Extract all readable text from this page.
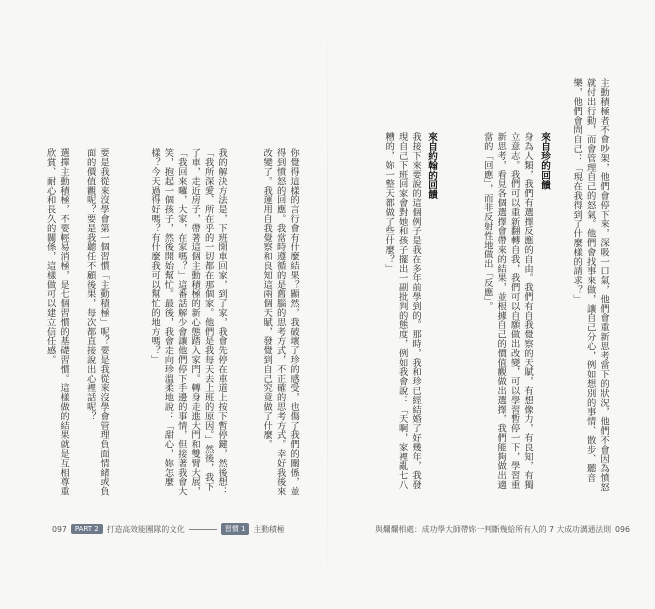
主動積極者不會吵架，他們會停下來，深吸一口氣，他們會重新思考當下的狀況，他們不會因為憤怒就付出行動，而會管理自己的怒氣。他們會找事來做，讓自己分心，例如想別的事情、散步、聽音樂，他們會問自己：「現在我得到了什麼樣的請求？」
來自珍的回饋
身為人類，我們有選擇反應的自由。我們有自我覺察的天賦，有想像力，有良知，有獨立意志。我們可以重新翻轉自我，我們可以自願做出改變，可以學習暫停一下，學習重新思考，看見各個選擇會帶來的結果，並根據自己的價值觀做出選擇，我們能夠做出適當的「回應」，而非反射性地做出「反應」。
來自約翰的回饋
我接下來要說的這個例子是我在多年前學到的。那時，我和珍已經結婚了好幾年，我發現自己下班回家會對她和孩子擺出一副批判的態度，例如我會說：「天啊，家裡亂七八糟的，妳一整天都做了些什麼？」
與爛爛相處：成功學大師帶妳一判斷幾給所有人的 7 大成功溝通法則 096
你覺得這樣的言行會有什麼結果？顯然，我破壞了珍的感受，也傷了我們的關係，並得到憤怒的回應。我當時遵循的是舊腦的思考方式，不正確的思考方式。幸好我後來改變了。我運用自我覺察和良知這兩個天賦，發覺到自己究竟做了什麼。
我的解決方法是，下班開車回家，到了家，我會先停在車道上按下暫停鍵，然後想：「我所深愛、所在乎的一切都在那個家。他們是我每天去上班的原因。」然後，我下了車，走近房子，帶著這個主動積極的新心態踏入家門。轉身走進大門和雙臂大展，「我回來囉，大家，在家嗎？」這番話解少會讓他們停下手邊的事情，但接著我會大笑，抱起一個孩子，然後開始幫忙。最後，我會走向珍溫柔地說：「甜心，妳怎麼樣？今天過得好嗎？有什麼我可以幫忙的地方嗎？」
要是我從來沒學會第一個習慣「主動積極」呢？要是我從來沒學會管理負面情緒或負面的價值觀呢？要是我聽任不顧後果，每次都直接說出心裡話呢？
選擇主動積極，不要輕易消極，是七個習慣的基礎習慣。這樣做的結果就是互相尊重欣賞、耐心和長久的關係，這樣做可以建立信任感。
097	PART 2	打造高效能團隊的文化	習慣 1	主動積極
